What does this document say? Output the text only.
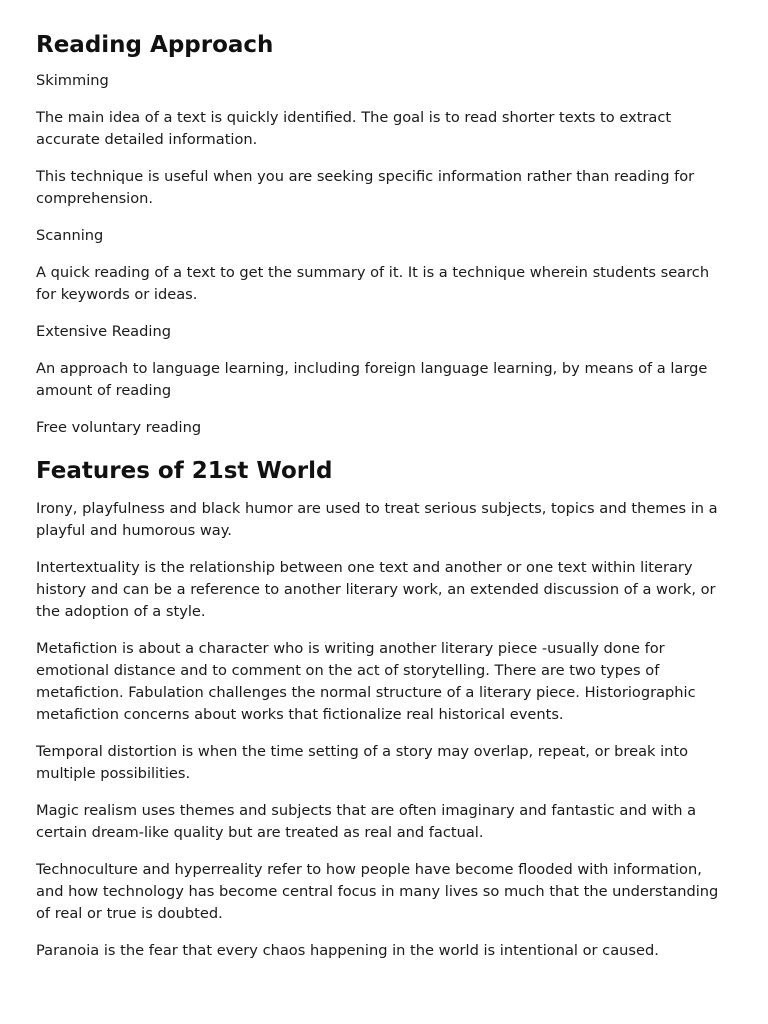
Reading Approach

Skimming

The main idea of a text is quickly identified. The goal is to read shorter texts to extract accurate detailed information.

This technique is useful when you are seeking specific information rather than reading for comprehension.

Scanning

A quick reading of a text to get the summary of it. It is a technique wherein students search for keywords or ideas.

Extensive Reading

An approach to language learning, including foreign language learning, by means of a large amount of reading

Free voluntary reading

Features of 21st World

Irony, playfulness and black humor are used to treat serious subjects, topics and themes in a playful and humorous way.

Intertextuality is the relationship between one text and another or one text within literary history and can be a reference to another literary work, an extended discussion of a work, or the adoption of a style.

Metafiction is about a character who is writing another literary piece -usually done for emotional distance and to comment on the act of storytelling. There are two types of metafiction. Fabulation challenges the normal structure of a literary piece. Historiographic metafiction concerns about works that fictionalize real historical events.

Temporal distortion is when the time setting of a story may overlap, repeat, or break into multiple possibilities.

Magic realism uses themes and subjects that are often imaginary and fantastic and with a certain dream-like quality but are treated as real and factual.

Technoculture and hyperreality refer to how people have become flooded with information, and how technology has become central focus in many lives so much that the understanding of real or true is doubted.

Paranoia is the fear that every chaos happening in the world is intentional or caused.
